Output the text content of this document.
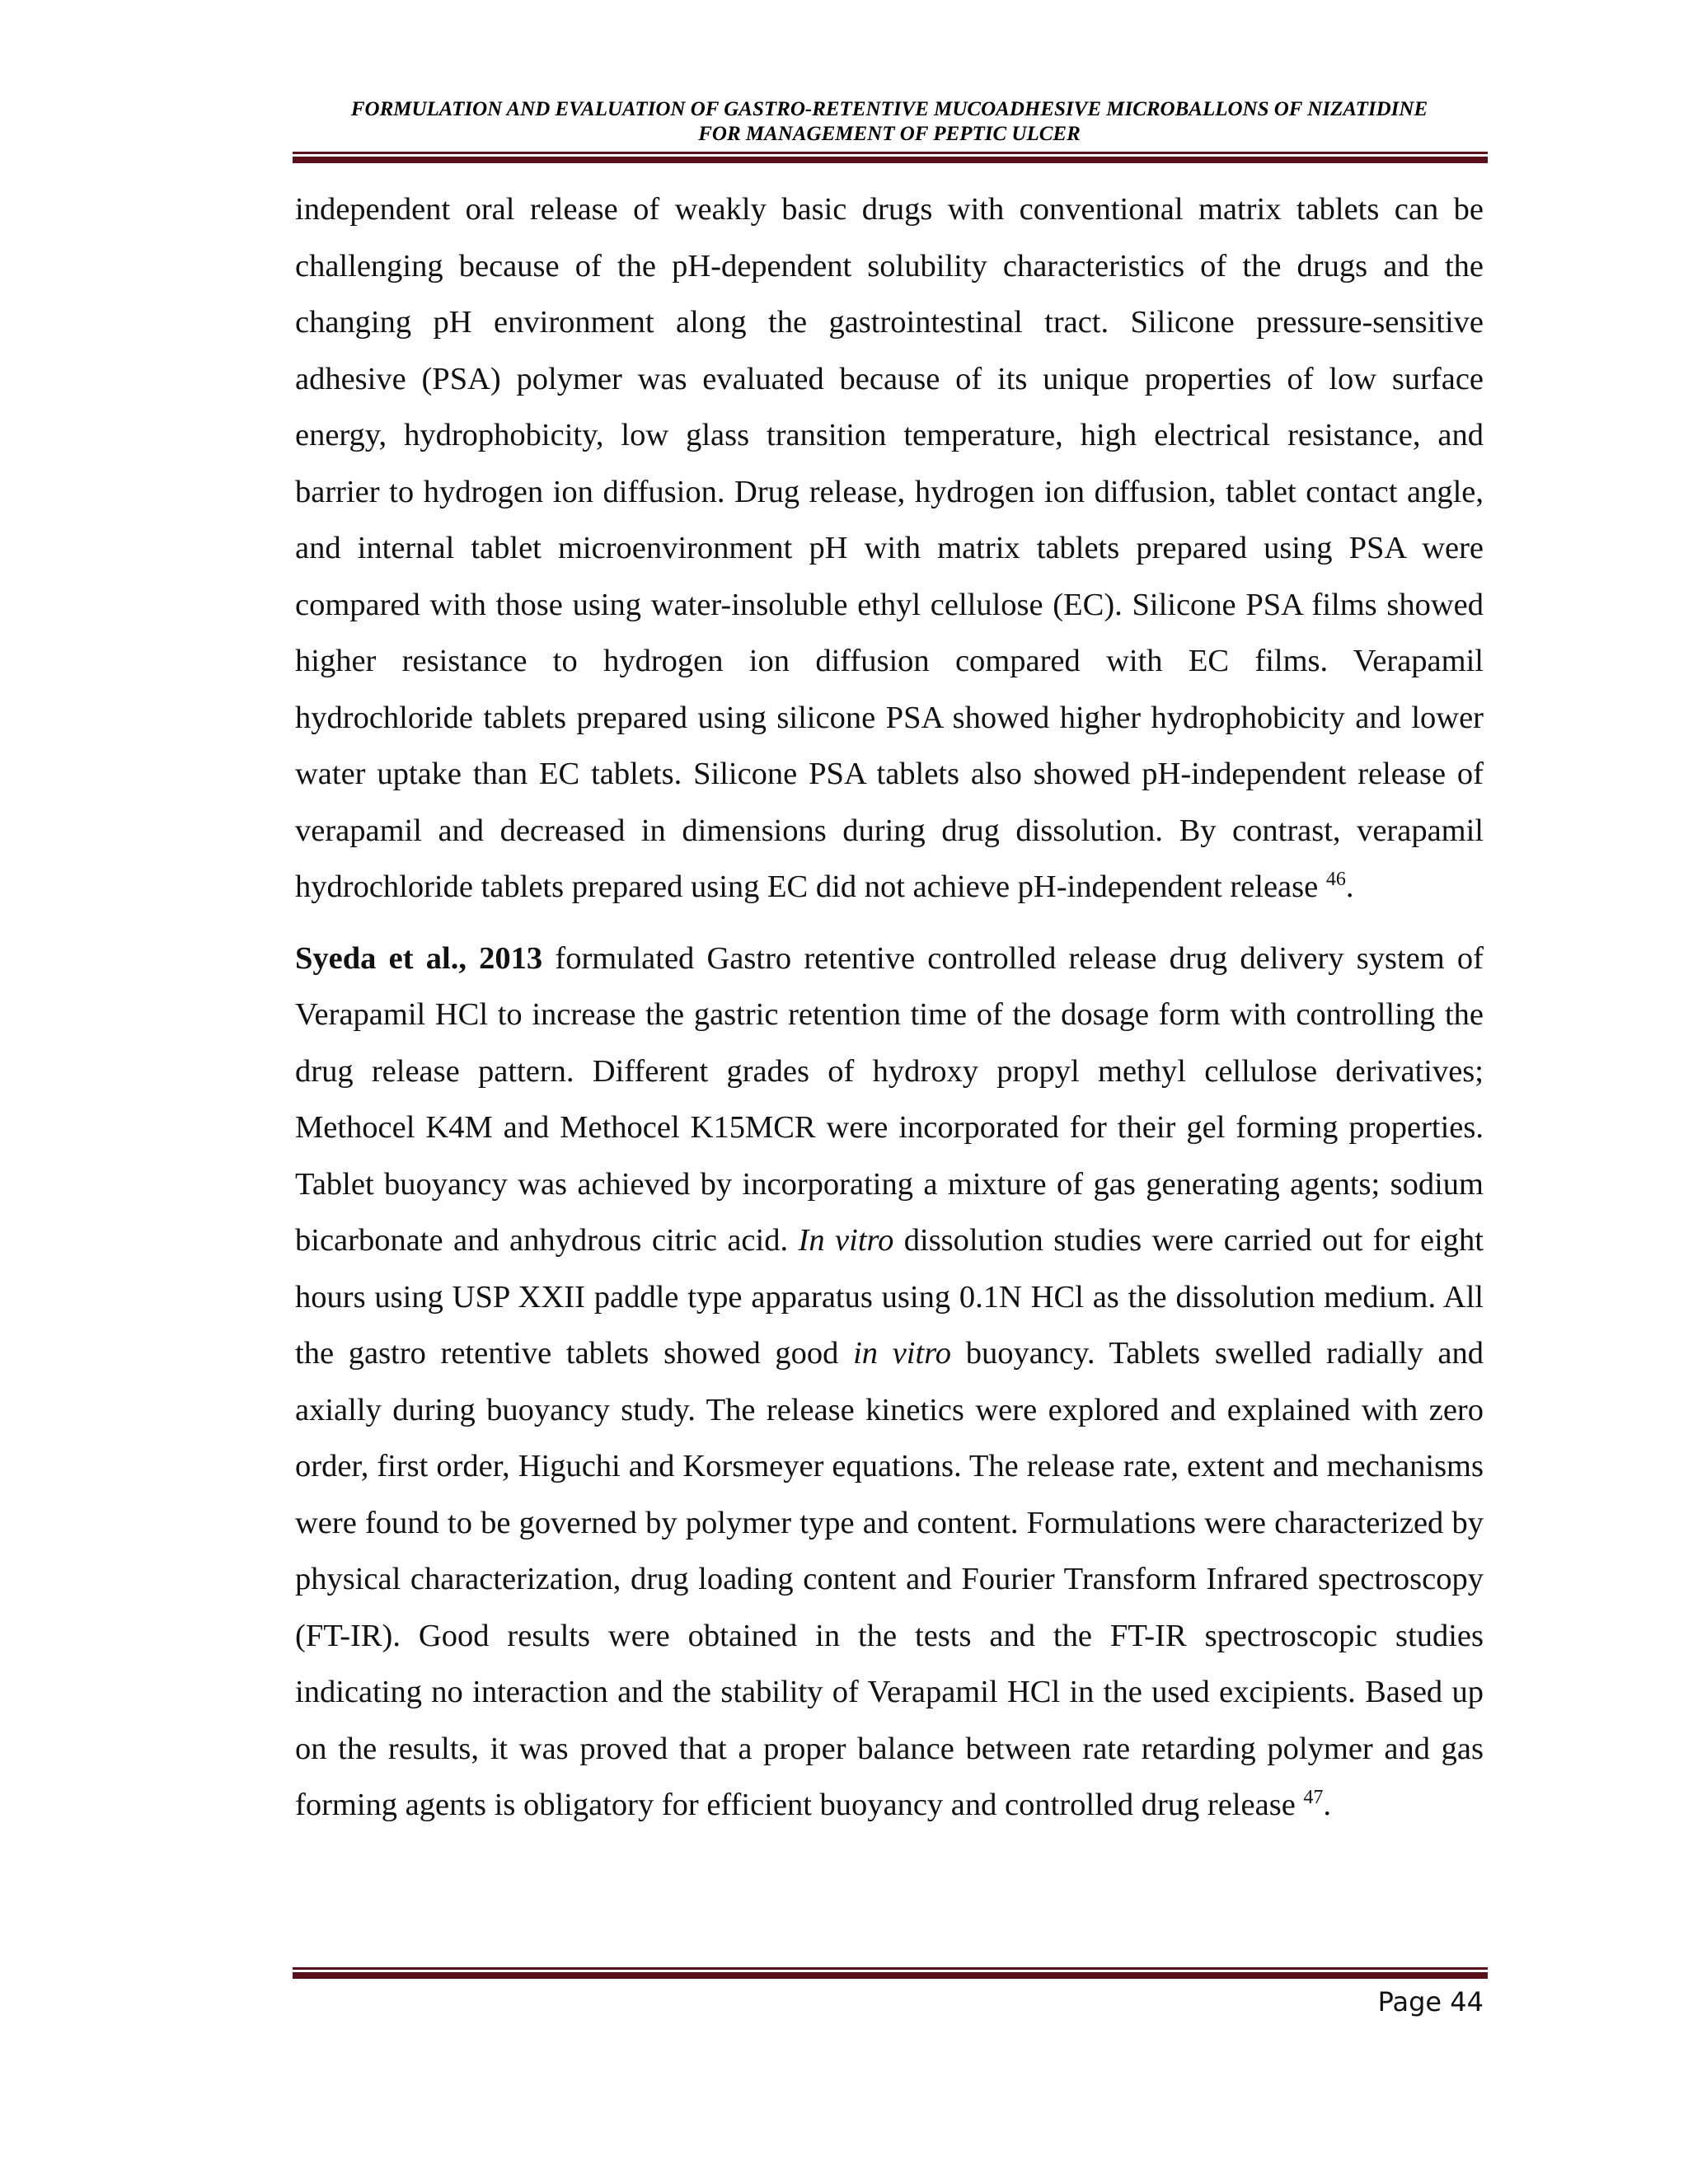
FORMULATION AND EVALUATION OF GASTRO-RETENTIVE MUCOADHESIVE MICROBALLONS OF NIZATIDINE
FOR MANAGEMENT OF PEPTIC ULCER

independent oral release of weakly basic drugs with conventional matrix tablets can be challenging because of the pH-dependent solubility characteristics of the drugs and the changing pH environment along the gastrointestinal tract. Silicone pressure-sensitive adhesive (PSA) polymer was evaluated because of its unique properties of low surface energy, hydrophobicity, low glass transition temperature, high electrical resistance, and barrier to hydrogen ion diffusion. Drug release, hydrogen ion diffusion, tablet contact angle, and internal tablet microenvironment pH with matrix tablets prepared using PSA were compared with those using water-insoluble ethyl cellulose (EC). Silicone PSA films showed higher resistance to hydrogen ion diffusion compared with EC films. Verapamil hydrochloride tablets prepared using silicone PSA showed higher hydrophobicity and lower water uptake than EC tablets. Silicone PSA tablets also showed pH-independent release of verapamil and decreased in dimensions during drug dissolution. By contrast, verapamil hydrochloride tablets prepared using EC did not achieve pH-independent release $^{46}$.

Syeda et al., 2013 formulated Gastro retentive controlled release drug delivery system of Verapamil HCl to increase the gastric retention time of the dosage form with controlling the drug release pattern. Different grades of hydroxy propyl methyl cellulose derivatives; Methocel K4M and Methocel K15MCR were incorporated for their gel forming properties. Tablet buoyancy was achieved by incorporating a mixture of gas generating agents; sodium bicarbonate and anhydrous citric acid. In vitro dissolution studies were carried out for eight hours using USP XXII paddle type apparatus using 0.1N HCl as the dissolution medium. All the gastro retentive tablets showed good in vitro buoyancy. Tablets swelled radially and axially during buoyancy study. The release kinetics were explored and explained with zero order, first order, Higuchi and Korsmeyer equations. The release rate, extent and mechanisms were found to be governed by polymer type and content. Formulations were characterized by physical characterization, drug loading content and Fourier Transform Infrared spectroscopy (FT-IR). Good results were obtained in the tests and the FT-IR spectroscopic studies indicating no interaction and the stability of Verapamil HCl in the used excipients. Based up on the results, it was proved that a proper balance between rate retarding polymer and gas forming agents is obligatory for efficient buoyancy and controlled drug release $^{47}$.

Page 44
